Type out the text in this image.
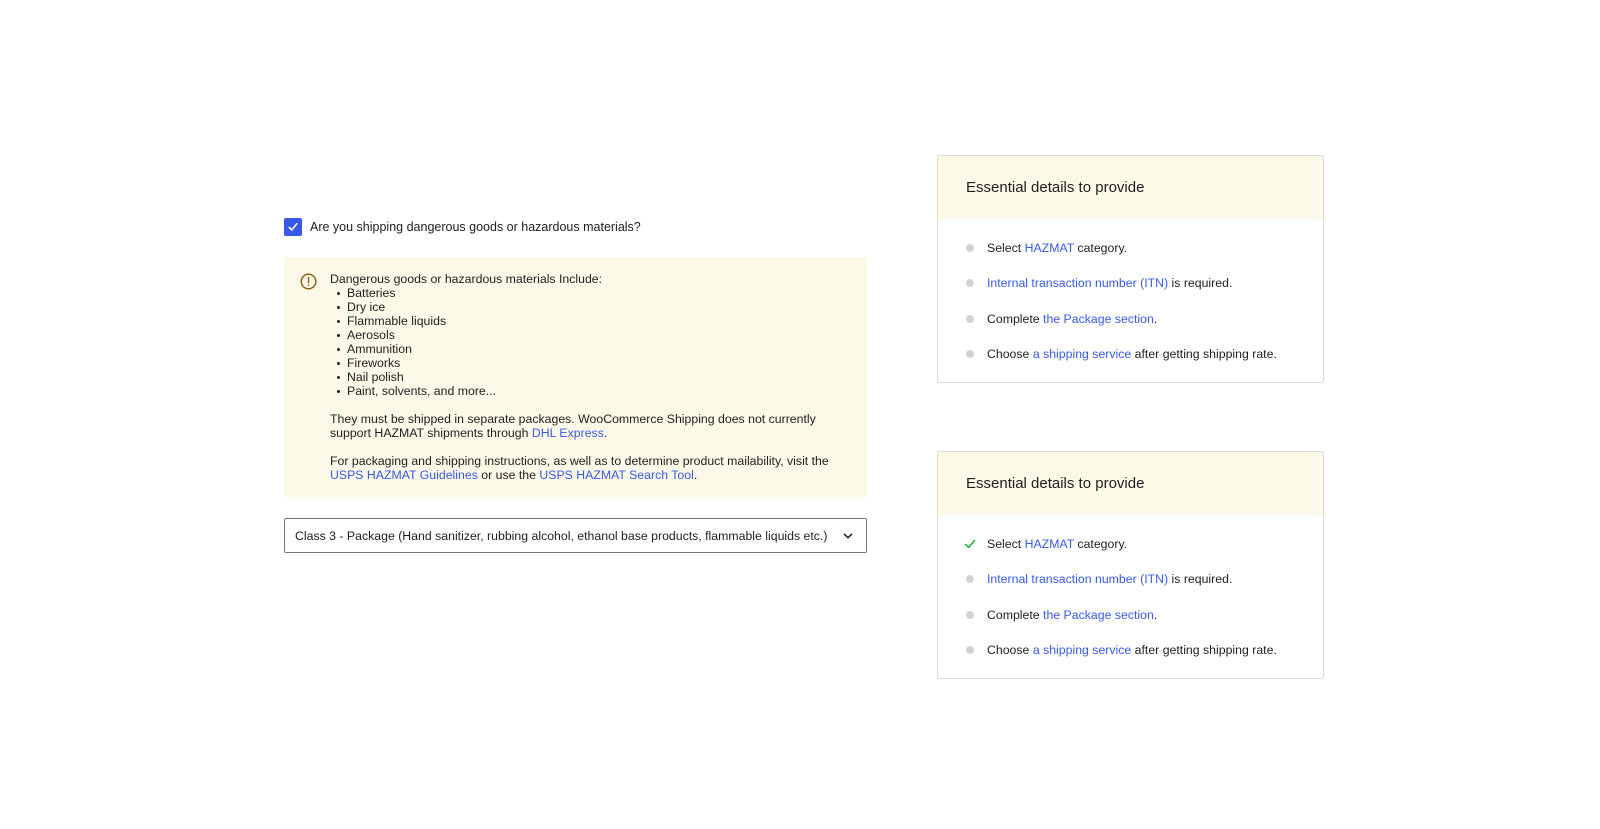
Are you shipping dangerous goods or hazardous materials?
Dangerous goods or hazardous materials Include:
Batteries
Dry ice
Flammable liquids
Aerosols
Ammunition
Fireworks
Nail polish
Paint, solvents, and more...

They must be shipped in separate packages. WooCommerce Shipping does not currently support HAZMAT shipments through DHL Express.

For packaging and shipping instructions, as well as to determine product mailability, visit the USPS HAZMAT Guidelines or use the USPS HAZMAT Search Tool.

Class 3 - Package (Hand sanitizer, rubbing alcohol, ethanol base products, flammable liquids etc.)
Essential details to provide
Select HAZMAT category.
Internal transaction number (ITN) is required.
Complete the Package section.
Choose a shipping service after getting shipping rate.
Essential details to provide
Select HAZMAT category.
Internal transaction number (ITN) is required.
Complete the Package section.
Choose a shipping service after getting shipping rate.
